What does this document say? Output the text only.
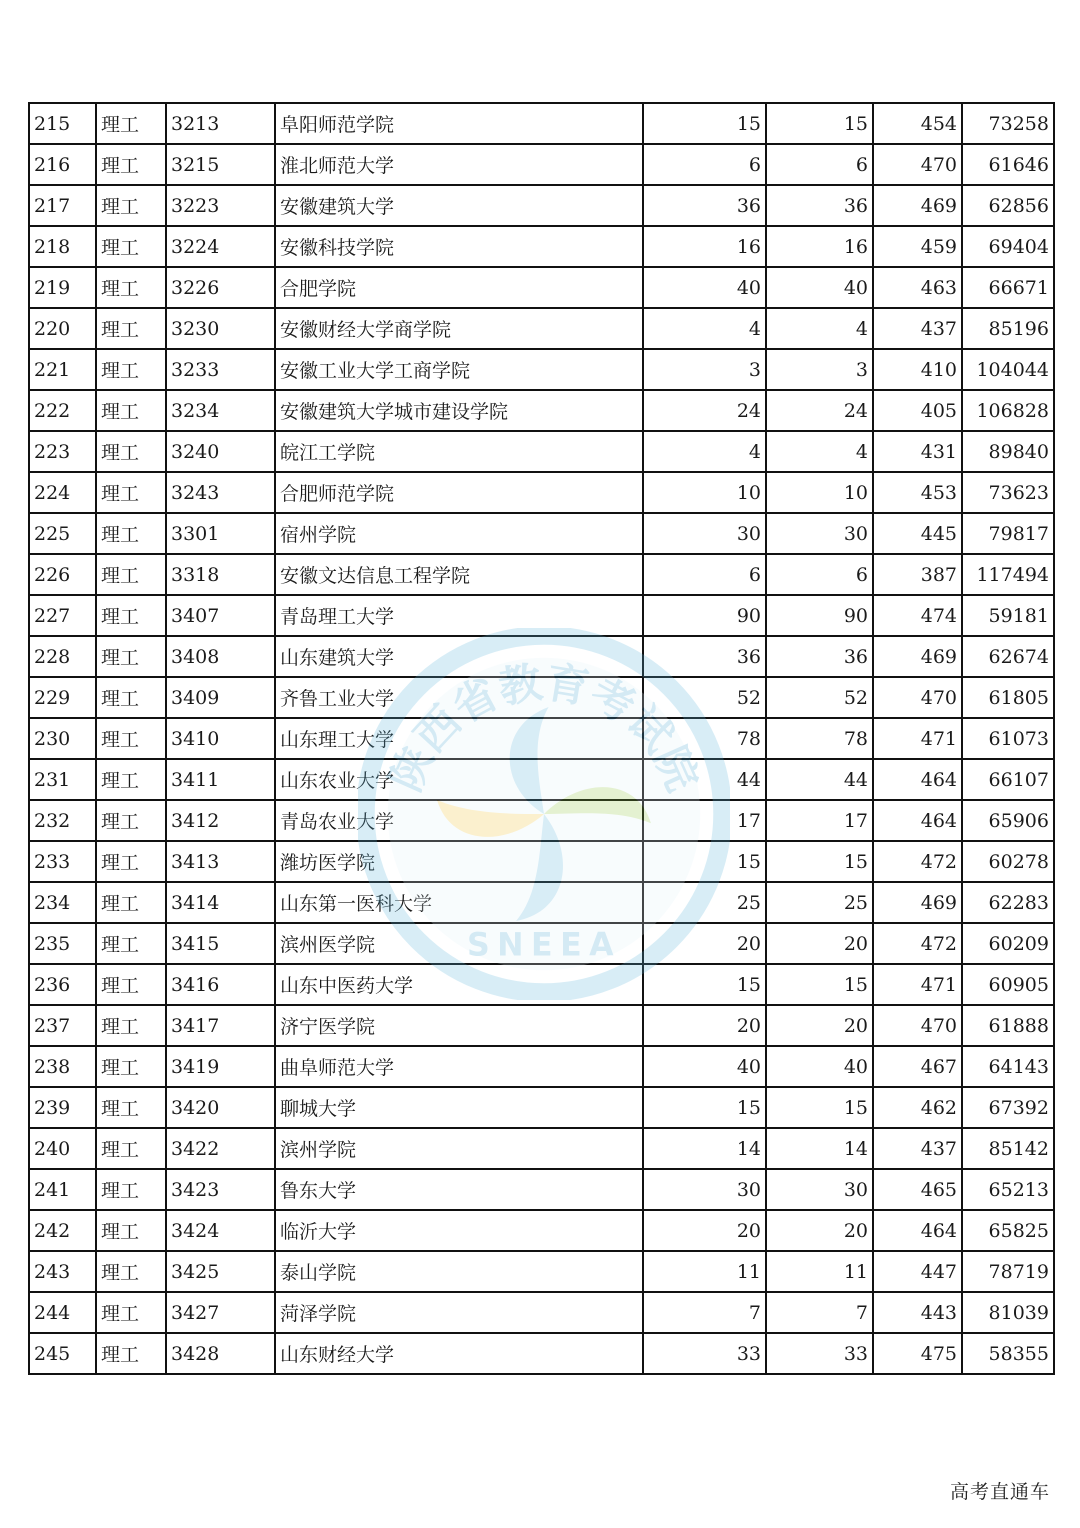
215	理工	3213	阜阳师范学院	15	15	454	73258
216	理工	3215	淮北师范大学	6	6	470	61646
217	理工	3223	安徽建筑大学	36	36	469	62856
218	理工	3224	安徽科技学院	16	16	459	69404
219	理工	3226	合肥学院	40	40	463	66671
220	理工	3230	安徽财经大学商学院	4	4	437	85196
221	理工	3233	安徽工业大学工商学院	3	3	410	104044
222	理工	3234	安徽建筑大学城市建设学院	24	24	405	106828
223	理工	3240	皖江工学院	4	4	431	89840
224	理工	3243	合肥师范学院	10	10	453	73623
225	理工	3301	宿州学院	30	30	445	79817
226	理工	3318	安徽文达信息工程学院	6	6	387	117494
227	理工	3407	青岛理工大学	90	90	474	59181
228	理工	3408	山东建筑大学	36	36	469	62674
229	理工	3409	齐鲁工业大学	52	52	470	61805
230	理工	3410	山东理工大学	78	78	471	61073
231	理工	3411	山东农业大学	44	44	464	66107
232	理工	3412	青岛农业大学	17	17	464	65906
233	理工	3413	潍坊医学院	15	15	472	60278
234	理工	3414	山东第一医科大学	25	25	469	62283
235	理工	3415	滨州医学院	20	20	472	60209
236	理工	3416	山东中医药大学	15	15	471	60905
237	理工	3417	济宁医学院	20	20	470	61888
238	理工	3419	曲阜师范大学	40	40	467	64143
239	理工	3420	聊城大学	15	15	462	67392
240	理工	3422	滨州学院	14	14	437	85142
241	理工	3423	鲁东大学	30	30	465	65213
242	理工	3424	临沂大学	20	20	464	65825
243	理工	3425	泰山学院	11	11	447	78719
244	理工	3427	菏泽学院	7	7	443	81039
245	理工	3428	山东财经大学	33	33	475	58355
陕西省教育考试院
SNEEA
高考直通车
